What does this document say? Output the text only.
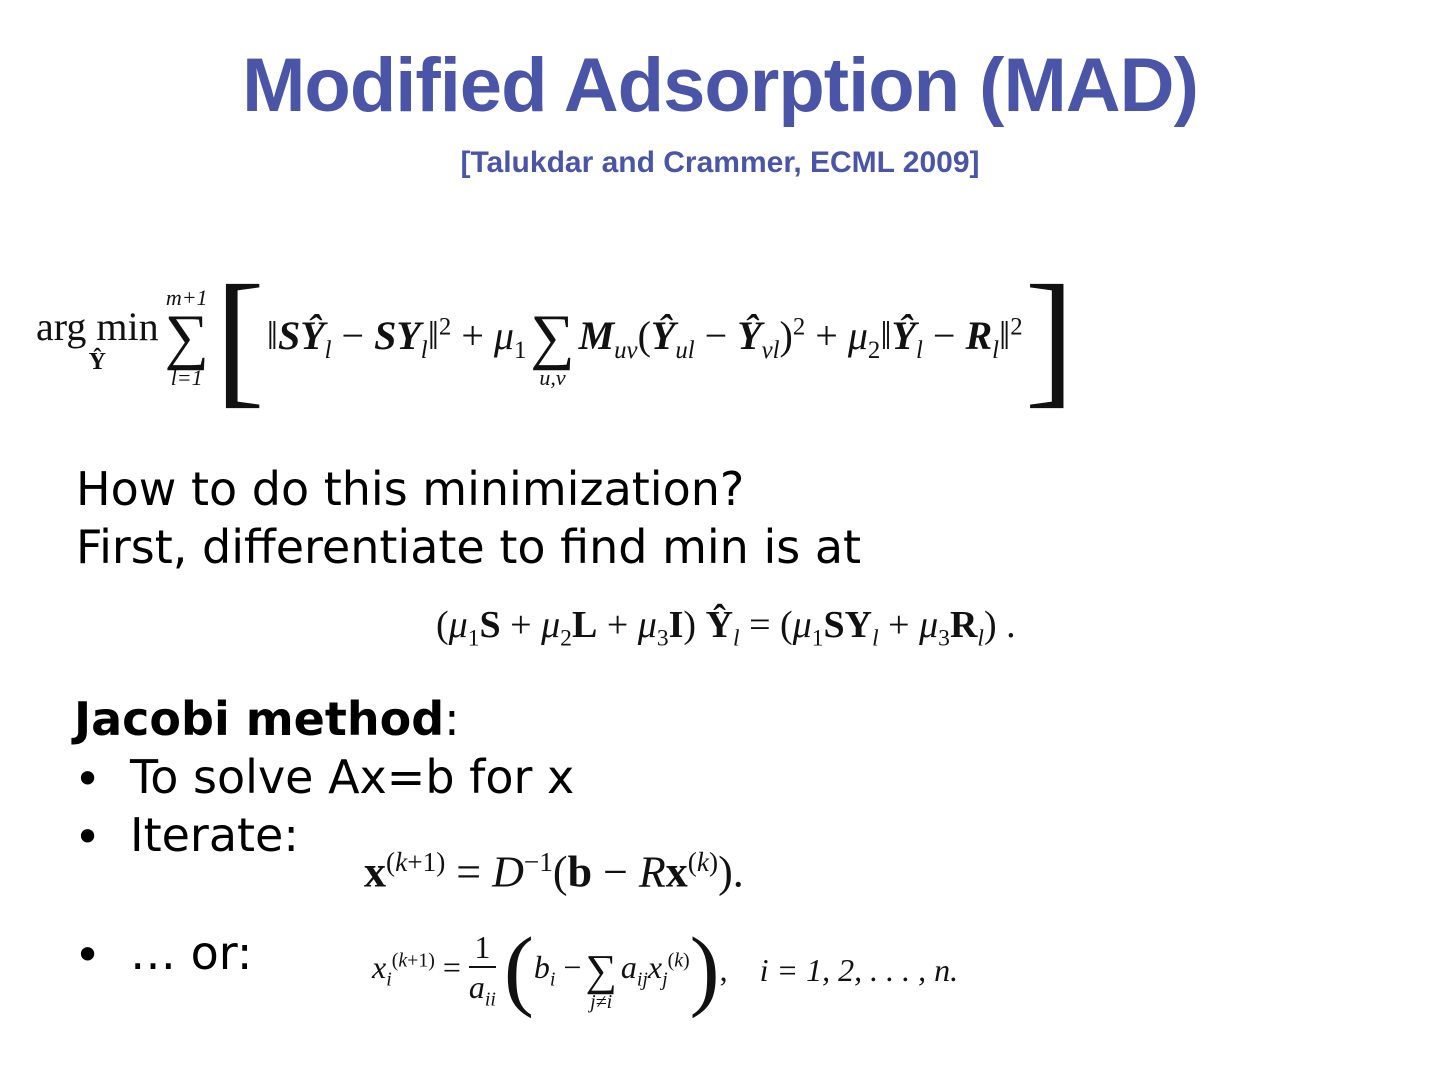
Modified Adsorption (MAD)
[Talukdar and Crammer, ECML 2009]
arg min
Ŷ
m+1
∑
l=1 [ $‖SŶ_l$ − $SY_l‖^2 + \mu_1$
∑
u,v
$M_{uv}(Ŷ_{ul}$ − $Ŷ_{vl})^2$ + $\mu_2‖Ŷ_l$ − $R_l‖^2$ ]
How to do this minimization?
First, differentiate to find min is at
$(\mu_1S + \mu_2L + \mu_3I)$ $Ŷ_l = (\mu_1SY_l + \mu_3R_l)$ .
Jacobi method:
• To solve Ax=b for x
• Iterate:
• … or:
$x^{(k+1)} = D^{-1}(b - Rx^{(k)})$.
$x_i^{(k+1)} = \frac{1}{a_{ii}}$ ( $b_i$ −
∑
j≠i
$a_{ij}x_j^{(k)}$ ) , i = 1, 2, . . . , n.
